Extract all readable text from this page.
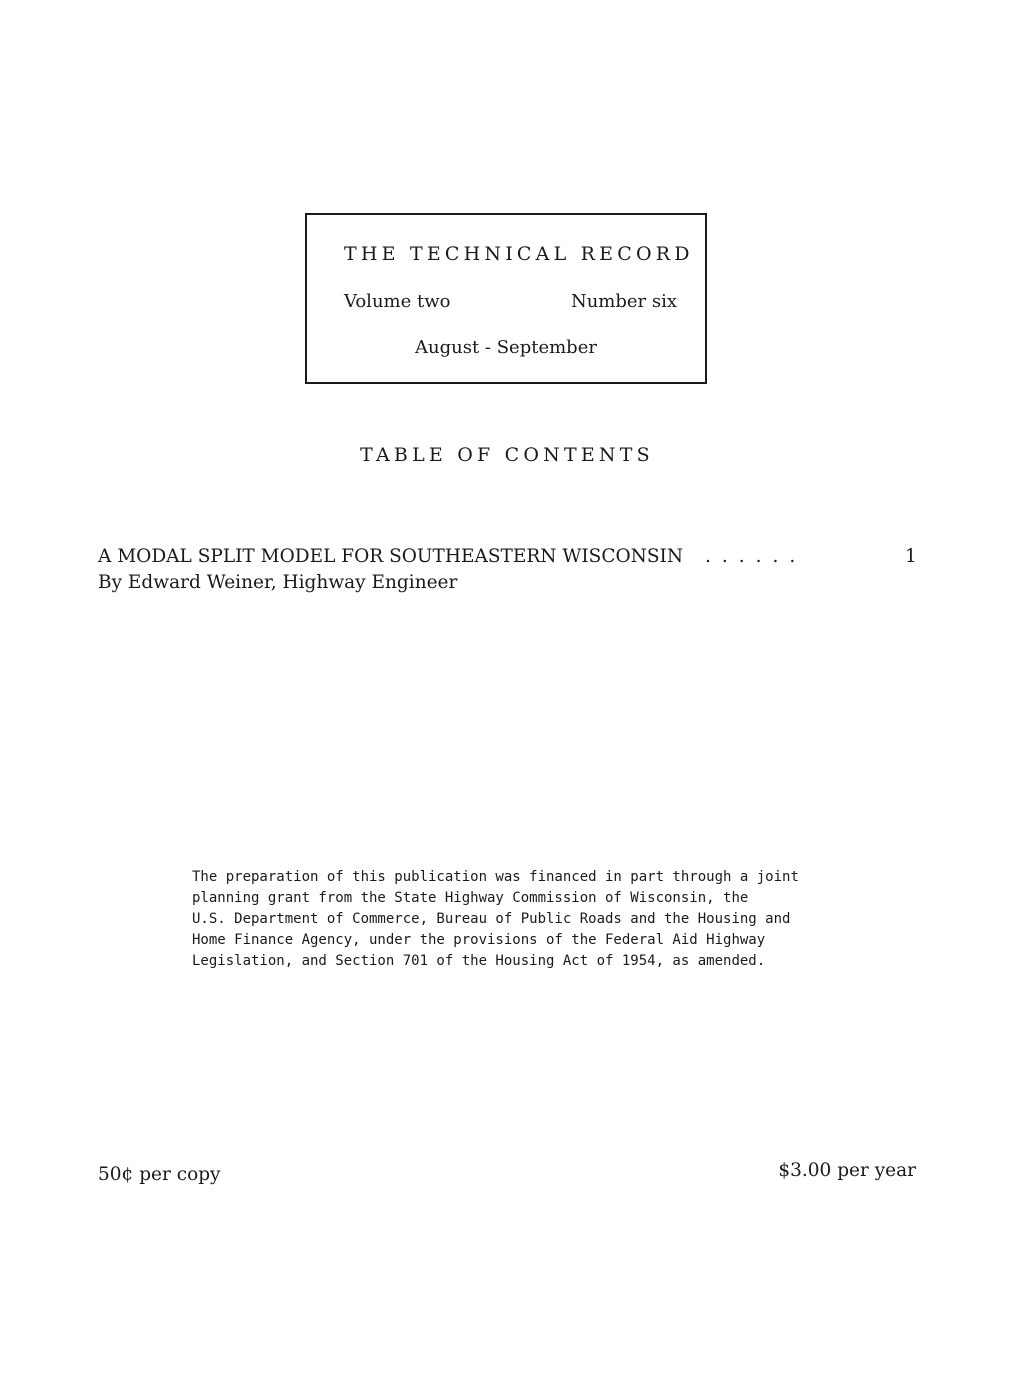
THE TECHNICAL RECORD
Volume two	Number six
August - September
TABLE OF CONTENTS
A MODAL SPLIT MODEL FOR SOUTHEASTERN WISCONSIN ......	1
By Edward Weiner, Highway Engineer
The preparation of this publication was financed in part through a joint
planning grant from the State Highway Commission of Wisconsin, the
U.S. Department of Commerce, Bureau of Public Roads and the Housing and
Home Finance Agency, under the provisions of the Federal Aid Highway
Legislation, and Section 701 of the Housing Act of 1954, as amended.
50¢ per copy	$3.00 per year
